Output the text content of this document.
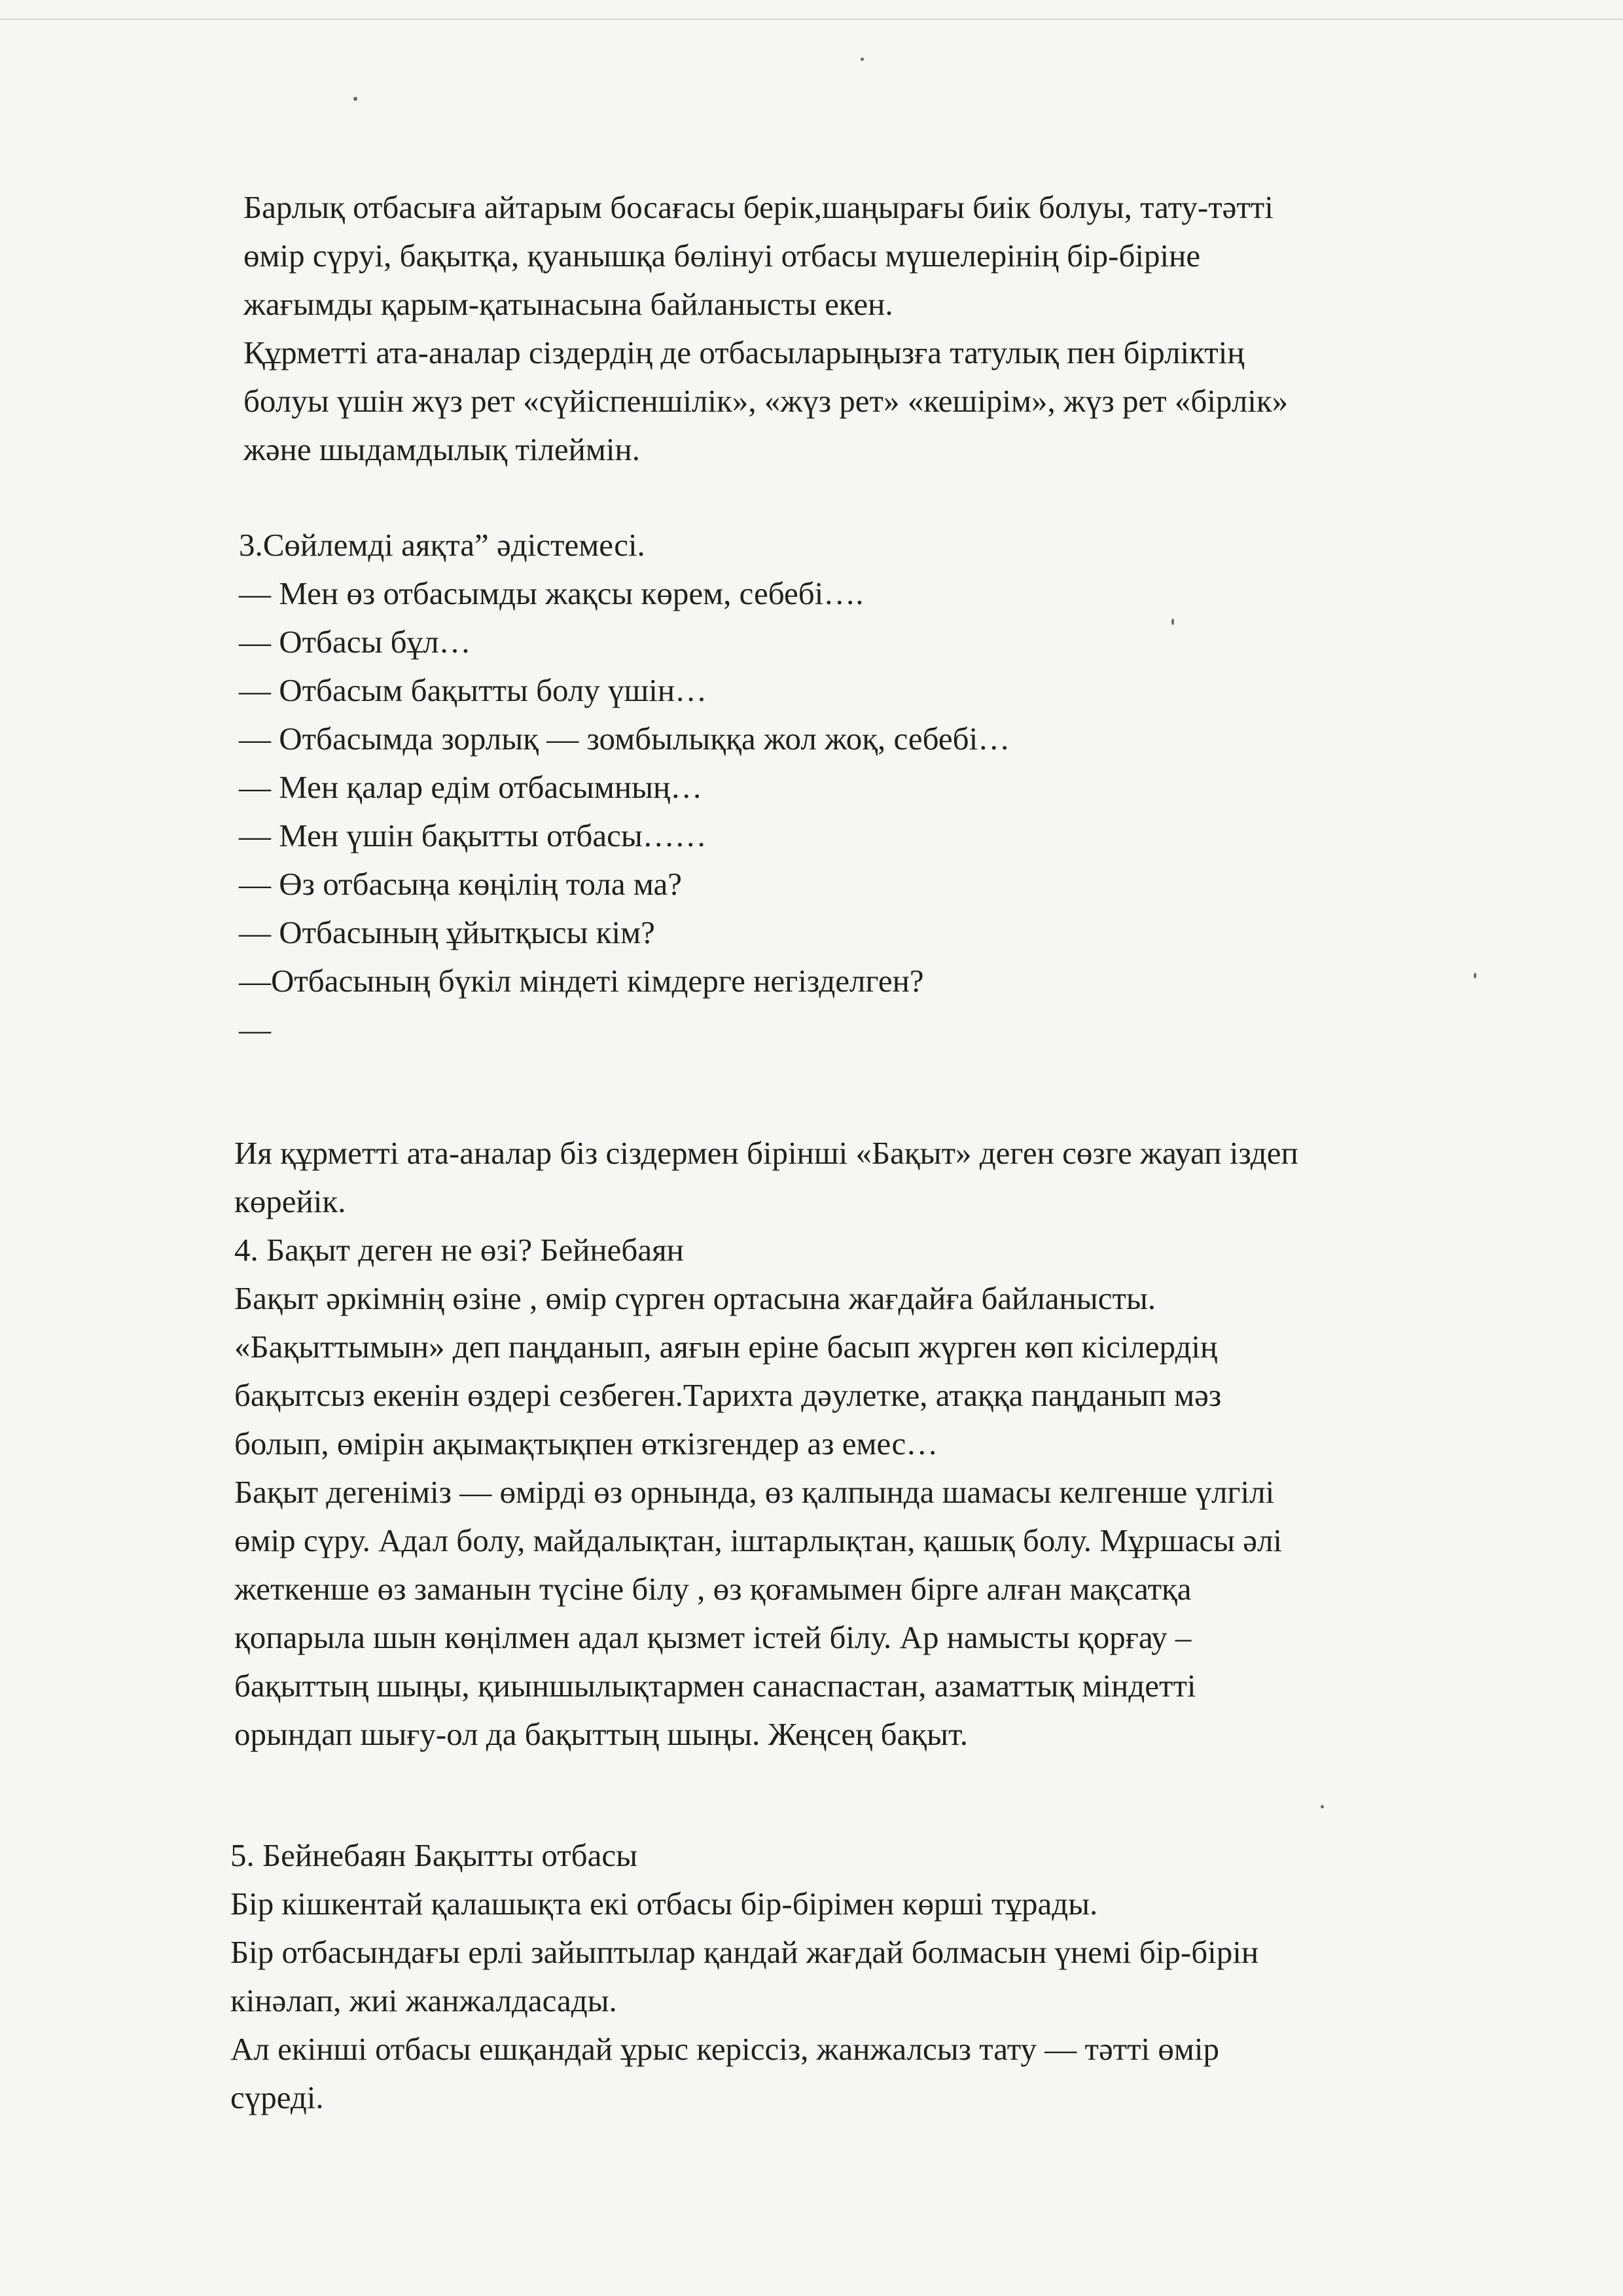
Барлық отбасыға айтарым босағасы берік,шаңырағы биік болуы, тату-тәтті
өмір сүруі, бақытқа, қуанышқа бөлінуі отбасы мүшелерінің бір-біріне
жағымды қарым-қатынасына байланысты екен.
Құрметті ата-аналар сіздердің де отбасыларыңызға татулық пен бірліктің
болуы үшін жүз рет «сүйіспеншілік», «жүз рет» «кешірім», жүз рет «бірлік»
және шыдамдылық тілеймін.
3.Сөйлемді аяқта” әдістемесі.
— Мен өз отбасымды жақсы көрем, себебі….
— Отбасы бұл…
— Отбасым бақытты болу үшін…
— Отбасымда зорлық — зомбылыққа жол жоқ, себебі…
— Мен қалар едім отбасымның…
— Мен үшін бақытты отбасы……
— Өз отбасыңа көңілің тола ма?
— Отбасының ұйытқысы кім?
—Отбасының бүкіл міндеті кімдерге негізделген?
—
Ия құрметті ата-аналар біз сіздермен бірінші «Бақыт» деген сөзге жауап іздеп
көрейік.
4. Бақыт деген не өзі? Бейнебаян
Бақыт әркімнің өзіне , өмір сүрген ортасына жағдайға байланысты.
«Бақыттымын» деп паңданып, аяғын еріне басып жүрген көп кісілердің
бақытсыз екенін өздері сезбеген.Тарихта дәулетке, атаққа паңданып мәз
болып, өмірін ақымақтықпен өткізгендер аз емес…
Бақыт дегеніміз — өмірді өз орнында, өз қалпында шамасы келгенше үлгілі
өмір сүру. Адал болу, майдалықтан, іштарлықтан, қашық болу. Мұршасы әлі
жеткенше өз заманын түсіне білу , өз қоғамымен бірге алған мақсатқа
қопарыла шын көңілмен адал қызмет істей білу. Ар намысты қорғау –
бақыттың шыңы, қиыншылықтармен санаспастан, азаматтық міндетті
орындап шығу-ол да бақыттың шыңы. Жеңсең бақыт.
5. Бейнебаян Бақытты отбасы
Бір кішкентай қалашықта екі отбасы бір-бірімен көрші тұрады.
Бір отбасындағы ерлі зайыптылар қандай жағдай болмасын үнемі бір-бірін
кінәлап, жиі жанжалдасады.
Ал екінші отбасы ешқандай ұрыс керіссіз, жанжалсыз тату — тәтті өмір
сүреді.
